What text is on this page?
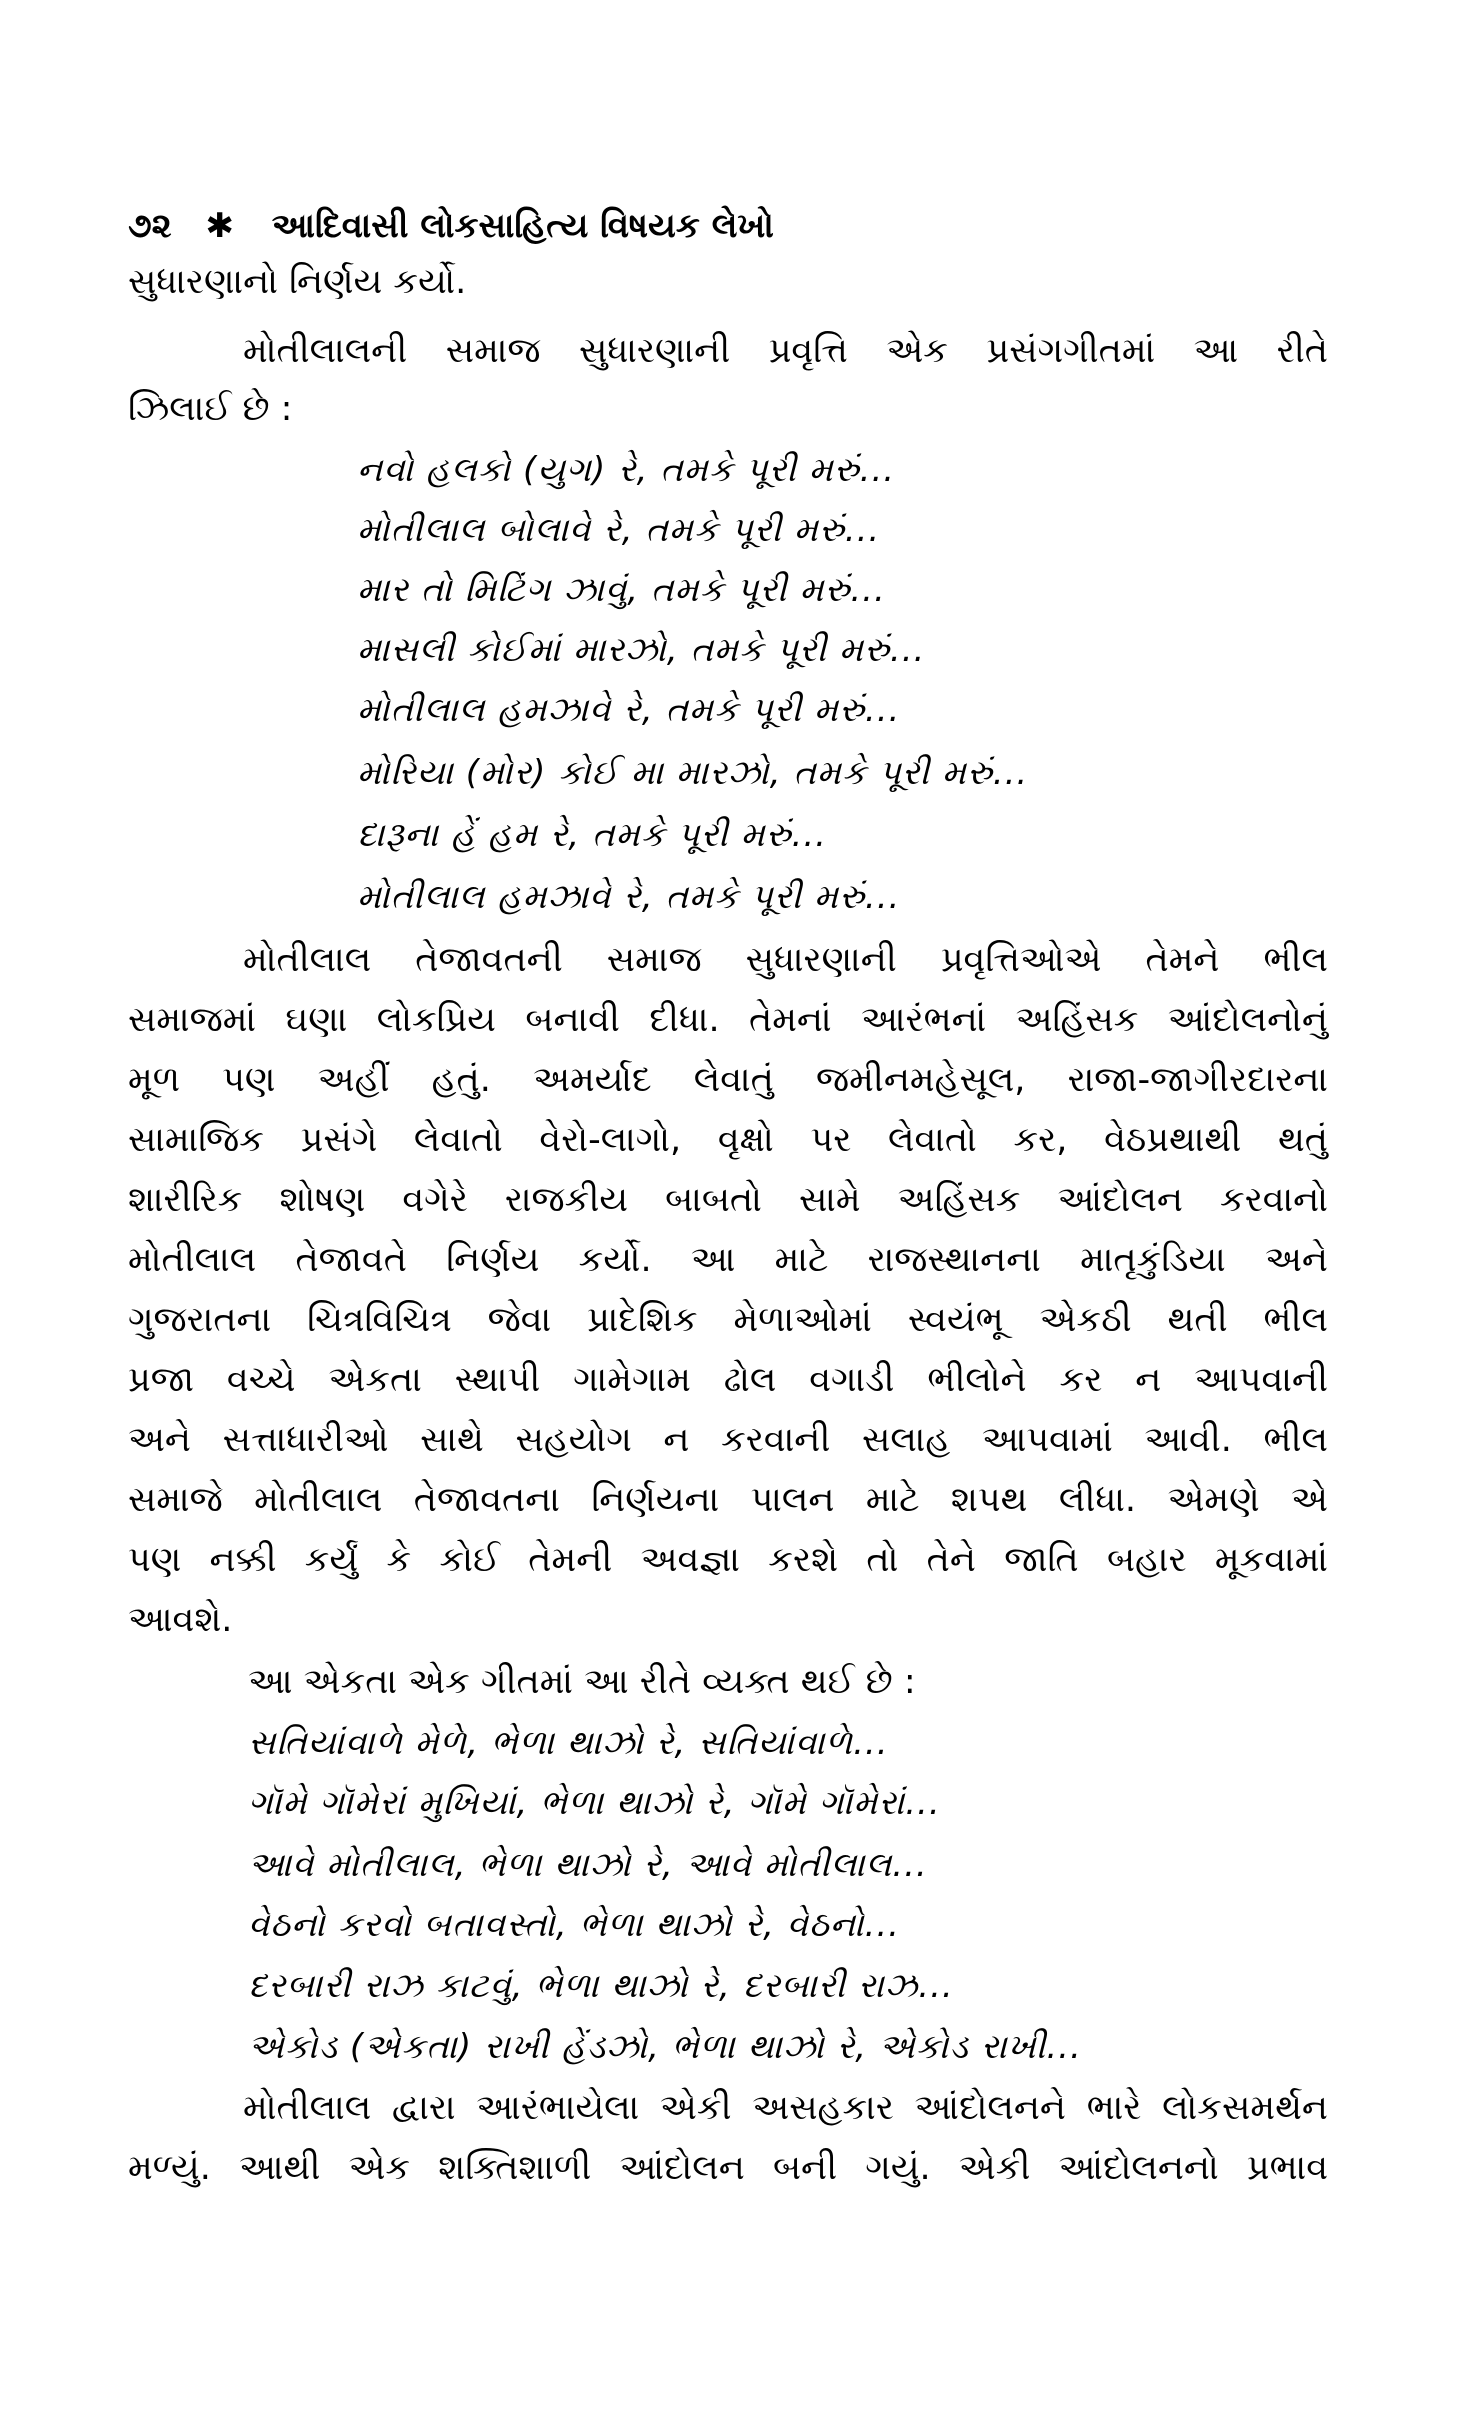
૭૨ ✱ આદિવાસી લોકસાહિત્ય વિષયક લેખો
સુધારણાનો નિર્ણય કર્યો.
મોતીલાલની સમાજ સુધારણાની પ્રવૃત્તિ એક પ્રસંગગીતમાં આ રીતે
ઝિલાઈ છે :
નવો હલકો (યુગ) રે, તમકે પૂરી મરું...
મોતીલાલ બોલાવે રે, તમકે પૂરી મરું...
માર તો મિટિંગ ઝાવું, તમકે પૂરી મરું...
માસલી કોઈમાં મારઝો, તમકે પૂરી મરું...
મોતીલાલ હમઝાવે રે, તમકે પૂરી મરું...
મોરિયા (મોર) કોઈ મા મારઝો, તમકે પૂરી મરું...
દારૂના હેં હમ રે, તમકે પૂરી મરું...
મોતીલાલ હમઝાવે રે, તમકે પૂરી મરું...
મોતીલાલ તેજાવતની સમાજ સુધારણાની પ્રવૃત્તિઓએ તેમને ભીલ
સમાજમાં ઘણા લોકપ્રિય બનાવી દીધા. તેમનાં આરંભનાં અહિંસક આંદોલનોનું
મૂળ પણ અહીં હતું. અમર્યાદ લેવાતું જમીનમહેસૂલ, રાજા-જાગીરદારના
સામાજિક પ્રસંગે લેવાતો વેરો-લાગો, વૃક્ષો પર લેવાતો કર, વેઠપ્રથાથી થતું
શારીરિક શોષણ વગેરે રાજકીય બાબતો સામે અહિંસક આંદોલન કરવાનો
મોતીલાલ તેજાવતે નિર્ણય કર્યો. આ માટે રાજસ્થાનના માતૃકુંડિયા અને
ગુજરાતના ચિત્રવિચિત્ર જેવા પ્રાદેશિક મેળાઓમાં સ્વયંભૂ એકઠી થતી ભીલ
પ્રજા વચ્ચે એકતા સ્થાપી ગામેગામ ઢોલ વગાડી ભીલોને કર ન આપવાની
અને સત્તાધારીઓ સાથે સહયોગ ન કરવાની સલાહ આપવામાં આવી. ભીલ
સમાજે મોતીલાલ તેજાવતના નિર્ણયના પાલન માટે શપથ લીધા. એમણે એ
પણ નક્કી કર્યું કે કોઈ તેમની અવજ્ઞા કરશે તો તેને જાતિ બહાર મૂકવામાં
આવશે.
આ એકતા એક ગીતમાં આ રીતે વ્યક્ત થઈ છે :
સતિયાંવાળે મેળે, ભેળા થાઝો રે, સતિયાંવાળે...
ગૉમે ગૉમેરાં મુખિયાં, ભેળા થાઝો રે, ગૉમે ગૉમેરાં...
આવે મોતીલાલ, ભેળા થાઝો રે, આવે મોતીલાલ...
વેઠનો કરવો બતાવસ્તો, ભેળા થાઝો રે, વેઠનો...
દરબારી રાઝ કાટવું, ભેળા થાઝો રે, દરબારી રાઝ...
એકોડ (એકતા) રાખી હેંડઝો, ભેળા થાઝો રે, એકોડ રાખી...
મોતીલાલ દ્વારા આરંભાયેલા એકી અસહકાર આંદોલનને ભારે લોકસમર્થન
મળ્યું. આથી એક શક્તિશાળી આંદોલન બની ગયું. એકી આંદોલનનો પ્રભાવ
